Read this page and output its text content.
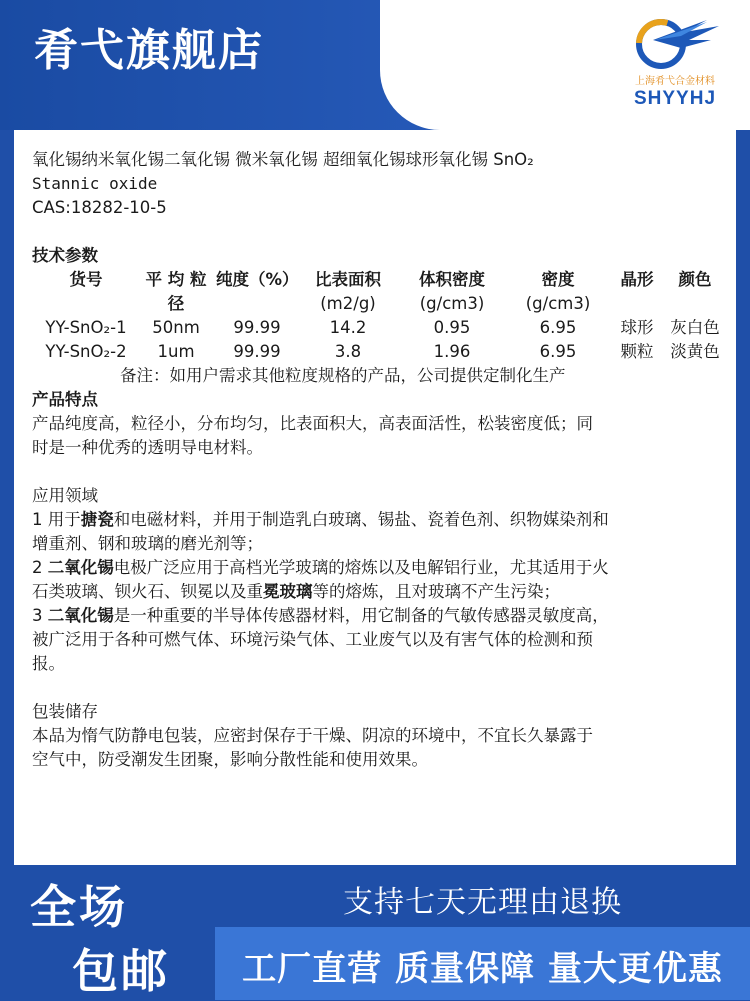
肴弋旗舰店
上海肴弋合金材料
SHYYHJ
氧化锡纳米氧化锡二氧化锡 微米氧化锡 超细氧化锡球形氧化锡 SnO₂
Stannic oxide
CAS:18282-10-5
技术参数
货号	平 均 粒	纯度（%）	比表面积	体积密度	密度	晶形	颜色
	径		(m2/g)	(g/cm3)	(g/cm3)		
YY-SnO₂-1	50nm	99.99	14.2	0.95	6.95	球形	灰白色
YY-SnO₂-2	1um	99.99	3.8	1.96	6.95	颗粒	淡黄色
备注：如用户需求其他粒度规格的产品，公司提供定制化生产
产品特点
产品纯度高，粒径小，分布均匀，比表面积大，高表面活性，松装密度低；同
时是一种优秀的透明导电材料。
应用领域
1 用于搪瓷和电磁材料，并用于制造乳白玻璃、锡盐、瓷着色剂、织物媒染剂和
增重剂、钢和玻璃的磨光剂等；
2 二氧化锡电极广泛应用于高档光学玻璃的熔炼以及电解铝行业，尤其适用于火
石类玻璃、钡火石、钡冕以及重冕玻璃等的熔炼，且对玻璃不产生污染；
3 二氧化锡是一种重要的半导体传感器材料，用它制备的气敏传感器灵敏度高，
被广泛用于各种可燃气体、环境污染气体、工业废气以及有害气体的检测和预
报。
包装储存
本品为惰气防静电包装，应密封保存于干燥、阴凉的环境中，不宜长久暴露于
空气中，防受潮发生团聚，影响分散性能和使用效果。
全场
包邮
支持七天无理由退换
工厂直营 质量保障 量大更优惠
